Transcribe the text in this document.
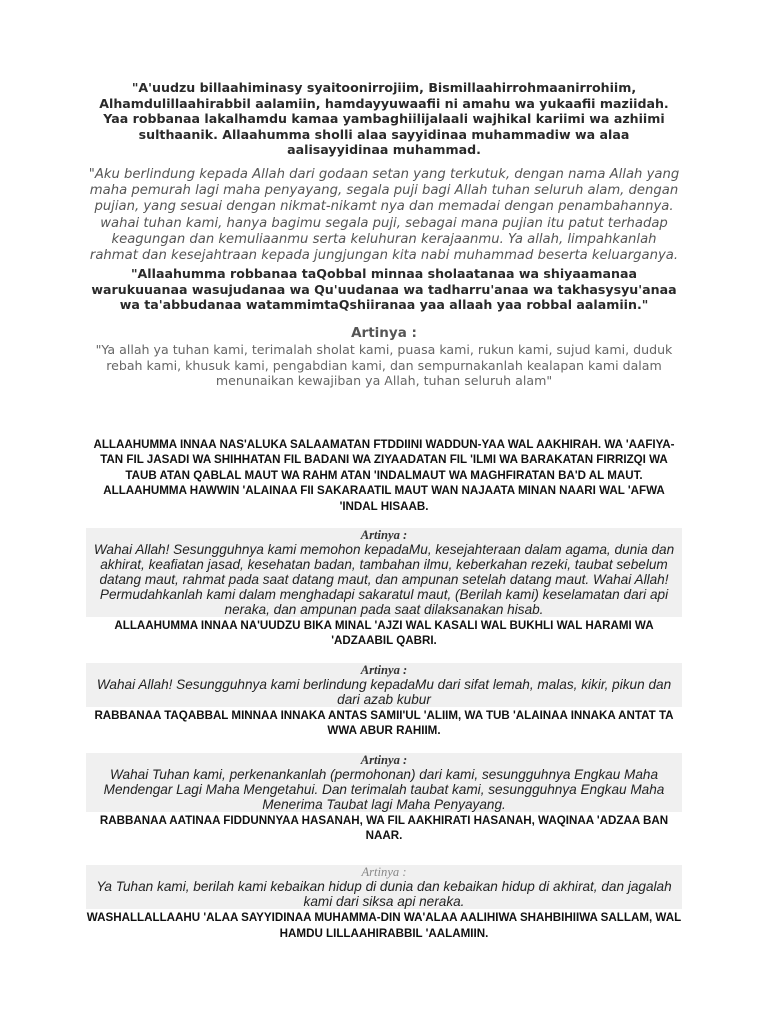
"A'uudzu billaahiminasy syaitoonirrojiim, Bismillaahirrohmaanirrohiim, Alhamdulillaahirabbil aalamiin, hamdayyuwaafii ni amahu wa yukaafii maziidah. Yaa robbanaa lakalhamdu kamaa yambaghiilijalaali wajhikal kariimi wa azhiimi sulthaanik. Allaahumma sholli alaa sayyidinaa muhammadiw wa alaa aalisayyidinaa muhammad.

"Aku berlindung kepada Allah dari godaan setan yang terkutuk, dengan nama Allah yang maha pemurah lagi maha penyayang, segala puji bagi Allah tuhan seluruh alam, dengan pujian, yang sesuai dengan nikmat-nikamt nya dan memadai dengan penambahannya. wahai tuhan kami, hanya bagimu segala puji, sebagai mana pujian itu patut terhadap keagungan dan kemuliaanmu serta keluhuran kerajaanmu. Ya allah, limpahkanlah rahmat dan kesejahtraan kepada jungjungan kita nabi muhammad beserta keluarganya.

"Allaahumma robbanaa taQobbal minnaa sholaatanaa wa shiyaamanaa warukuuanaa wasujudanaa wa Qu'uudanaa wa tadharru'anaa wa takhasysyu'anaa wa ta'abbudanaa watammimtaQshiiranaa yaa allaah yaa robbal aalamiin."

Artinya :

"Ya allah ya tuhan kami, terimalah sholat kami, puasa kami, rukun kami, sujud kami, duduk rebah kami, khusuk kami, pengabdian kami, dan sempurnakanlah kealapan kami dalam menunaikan kewajiban ya Allah, tuhan seluruh alam"

ALLAAHUMMA INNAA NAS'ALUKA SALAAMATAN FTDDIINI WADDUN-YAA WAL AAKHIRAH. WA 'AAFIYA-TAN FIL JASADI WA SHIHHATAN FIL BADANI WA ZIYAADATAN FIL 'ILMI WA BARAKATAN FIRRIZQI WA TAUB ATAN QABLAL MAUT WA RAHM ATAN 'INDALMAUT WA MAGHFIRATAN BA'D AL MAUT. ALLAAHUMMA HAWWIN 'ALAINAA FII SAKARAATIL MAUT WAN NAJAATA MINAN NAARI WAL 'AFWA 'INDAL HISAAB.

Artinya :
Wahai Allah! Sesungguhnya kami memohon kepadaMu, kesejahteraan dalam agama, dunia dan akhirat, keafiatan jasad, kesehatan badan, tambahan ilmu, keberkahan rezeki, taubat sebelum datang maut, rahmat pada saat datang maut, dan ampunan setelah datang maut. Wahai Allah! Permudahkanlah kami dalam menghadapi sakaratul maut, (Berilah kami) keselamatan dari api neraka, dan ampunan pada saat dilaksanakan hisab.

ALLAAHUMMA INNAA NA'UUDZU BIKA MINAL 'AJZI WAL KASALI WAL BUKHLI WAL HARAMI WA 'ADZAABIL QABRI.

Artinya :
Wahai Allah! Sesungguhnya kami berlindung kepadaMu dari sifat lemah, malas, kikir, pikun dan dari azab kubur

RABBANAA TAQABBAL MINNAA INNAKA ANTAS SAMII'UL 'ALIIM, WA TUB 'ALAINAA INNAKA ANTAT TA WWA ABUR RAHIIM.

Artinya :
Wahai Tuhan kami, perkenankanlah (permohonan) dari kami, sesungguhnya Engkau Maha Mendengar Lagi Maha Mengetahui. Dan terimalah taubat kami, sesungguhnya Engkau Maha Menerima Taubat lagi Maha Penyayang.

RABBANAA AATINAA FIDDUNNYAA HASANAH, WA FIL AAKHIRATI HASANAH, WAQINAA 'ADZAA BAN NAAR.

Artinya :
Ya Tuhan kami, berilah kami kebaikan hidup di dunia dan kebaikan hidup di akhirat, dan jagalah kami dari siksa api neraka.

WASHALLALLAAHU 'ALAA SAYYIDINAA MUHAMMA-DIN WA'ALAA AALIHIWA SHAHBIHIIWA SALLAM, WAL HAMDU LILLAAHIRABBIL 'AALAMIIN.
